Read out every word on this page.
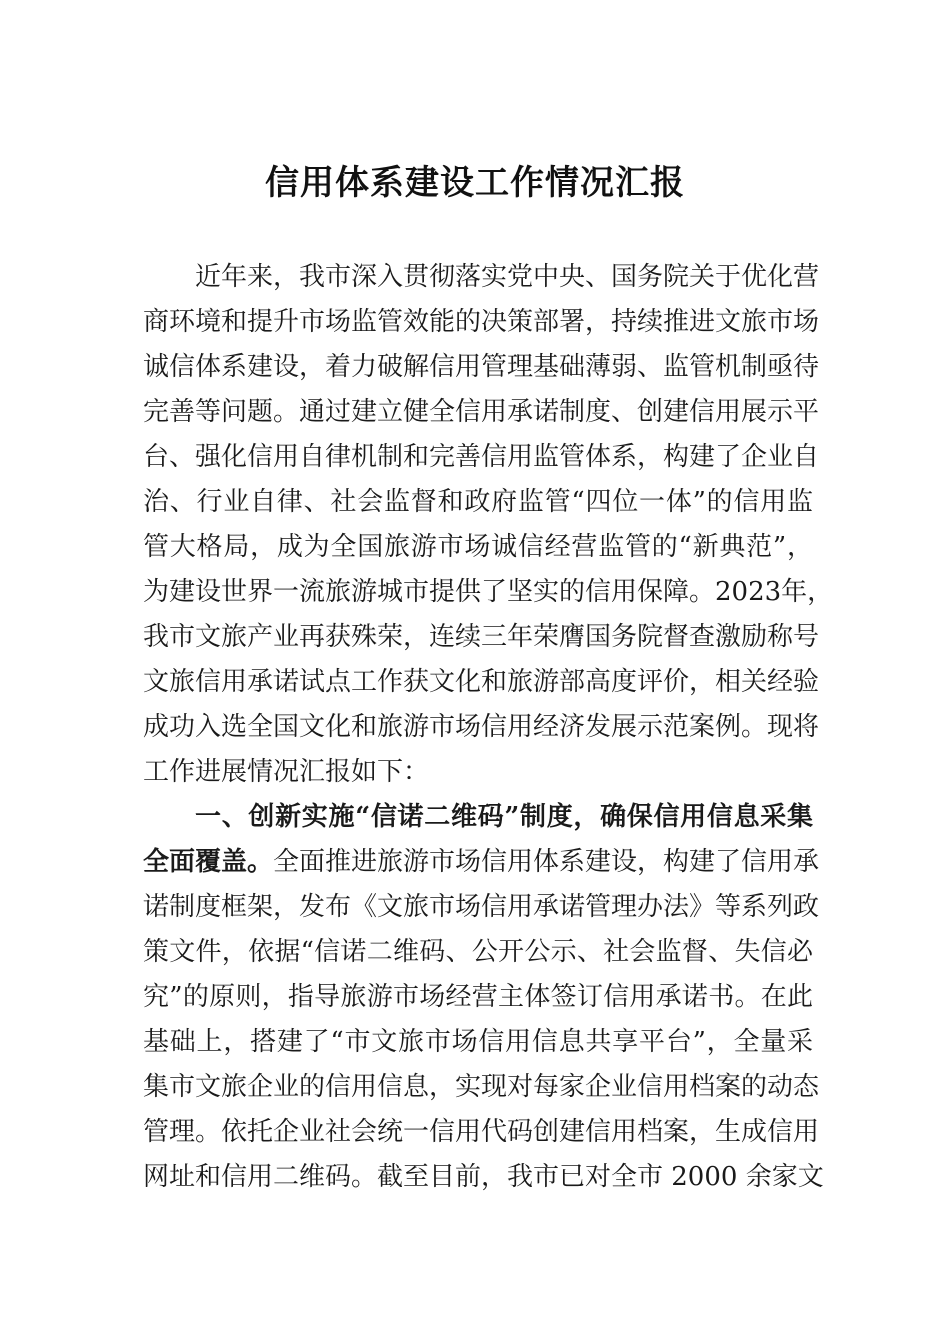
信用体系建设工作情况汇报
近年来，我市深入贯彻落实党中央、国务院关于优化营
商环境和提升市场监管效能的决策部署，持续推进文旅市场
诚信体系建设，着力破解信用管理基础薄弱、监管机制亟待
完善等问题。通过建立健全信用承诺制度、创建信用展示平
台、强化信用自律机制和完善信用监管体系，构建了企业自
治、行业自律、社会监督和政府监管“四位一体”的信用监
管大格局，成为全国旅游市场诚信经营监管的“新典范”，
为建设世界一流旅游城市提供了坚实的信用保障。2023年，
我市文旅产业再获殊荣，连续三年荣膺国务院督查激励称号
文旅信用承诺试点工作获文化和旅游部高度评价，相关经验
成功入选全国文化和旅游市场信用经济发展示范案例。现将
工作进展情况汇报如下：
一、创新实施“信诺二维码”制度，确保信用信息采集
全面覆盖。全面推进旅游市场信用体系建设，构建了信用承
诺制度框架，发布《文旅市场信用承诺管理办法》等系列政
策文件，依据“信诺二维码、公开公示、社会监督、失信必
究”的原则，指导旅游市场经营主体签订信用承诺书。在此
基础上，搭建了“市文旅市场信用信息共享平台”，全量采
集市文旅企业的信用信息，实现对每家企业信用档案的动态
管理。依托企业社会统一信用代码创建信用档案，生成信用
网址和信用二维码。截至目前，我市已对全市 2000 余家文
